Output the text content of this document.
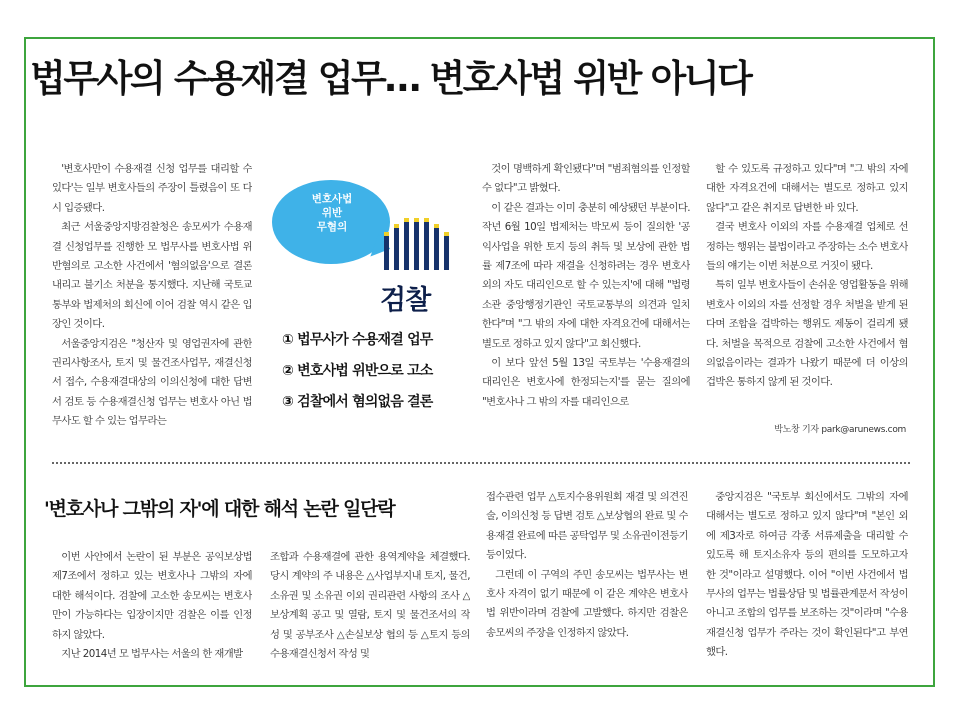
법무사의 수용재결 업무… 변호사법 위반 아니다

'변호사만이 수용재결 신청 업무를 대리할 수 있다'는 일부 변호사들의 주장이 틀렸음이 또 다시 입증됐다.

최근 서울중앙지방검찰청은 송모씨가 수용재결 신청업무를 진행한 모 법무사를 변호사법 위반혐의로 고소한 사건에서 '혐의없음'으로 결론 내리고 불기소 처분을 통지했다. 지난해 국토교통부와 법제처의 회신에 이어 검찰 역시 같은 입장인 것이다.

서울중앙지검은 "청산자 및 영업권자에 관한 권리사항조사, 토지 및 물건조사업무, 재결신청서 접수, 수용재결대상의 이의신청에 대한 답변서 검토 등 수용재결신청 업무는 변호사 아닌 법무사도 할 수 있는 업무라는

변호사법
위반
무혐의
검찰
① 법무사가 수용재결 업무
② 변호사법 위반으로 고소
③ 검찰에서 혐의없음 결론

것이 명백하게 확인됐다"며 "범죄혐의를 인정할 수 없다"고 밝혔다.

이 같은 결과는 이미 충분히 예상됐던 부분이다. 작년 6월 10일 법제처는 박모씨 등이 질의한 '공익사업을 위한 토지 등의 취득 및 보상에 관한 법률 제7조에 따라 재결을 신청하려는 경우 변호사 외의 자도 대리인으로 할 수 있는지'에 대해 "법령 소관 중앙행정기관인 국토교통부의 의견과 일치한다"며 "그 밖의 자에 대한 자격요건에 대해서는 별도로 정하고 있지 않다"고 회신했다.

이 보다 앞선 5월 13일 국토부는 '수용재결의 대리인은 변호사에 한정되는지'를 묻는 질의에 "변호사나 그 밖의 자를 대리인으로

할 수 있도록 규정하고 있다"며 "그 밖의 자에 대한 자격요건에 대해서는 별도로 정하고 있지 않다"고 같은 취지로 답변한 바 있다.

결국 변호사 이외의 자를 수용재결 업체로 선정하는 행위는 불법이라고 주장하는 소수 변호사들의 얘기는 이번 처분으로 거짓이 됐다.

특히 일부 변호사들이 손쉬운 영업활동을 위해 변호사 이외의 자를 선정할 경우 처벌을 받게 된다며 조합을 겁박하는 행위도 제동이 걸리게 됐다. 처벌을 목적으로 검찰에 고소한 사건에서 혐의없음이라는 결과가 나왔기 때문에 더 이상의 겁박은 통하지 않게 된 것이다.

박노창 기자 park@arunews.com
'변호사나 그밖의 자'에 대한 해석 논란 일단락

이번 사안에서 논란이 된 부분은 공익보상법 제7조에서 정하고 있는 변호사나 그밖의 자에 대한 해석이다. 검찰에 고소한 송모씨는 변호사만이 가능하다는 입장이지만 검찰은 이를 인정하지 않았다.

지난 2014년 모 법무사는 서울의 한 재개발

조합과 수용재결에 관한 용역계약을 체결했다. 당시 계약의 주 내용은 △사업부지내 토지, 물건, 소유권 및 소유권 이외 권리관련 사항의 조사 △보상계획 공고 및 열람, 토지 및 물건조서의 작성 및 공부조사 △손실보상 협의 등 △토지 등의 수용재결신청서 작성 및

접수관련 업무 △토지수용위원회 재결 및 의견진술, 이의신청 등 답변 검토 △보상협의 완료 및 수용재결 완료에 따른 공탁업무 및 소유권이전등기 등이었다.

그런데 이 구역의 주민 송모씨는 법무사는 변호사 자격이 없기 때문에 이 같은 계약은 변호사법 위반이라며 검찰에 고발했다. 하지만 검찰은 송모씨의 주장을 인정하지 않았다.

중앙지검은 "국토부 회신에서도 그밖의 자에 대해서는 별도로 정하고 있지 않다"며 "본인 외에 제3자로 하여금 각종 서류제출을 대리할 수 있도록 해 토지소유자 등의 편의를 도모하고자 한 것"이라고 설명했다. 이어 "이번 사건에서 법무사의 업무는 법률상담 및 법률관계문서 작성이 아니고 조합의 업무를 보조하는 것"이라며 "수용재결신청 업무가 주라는 것이 확인된다"고 부연했다.
